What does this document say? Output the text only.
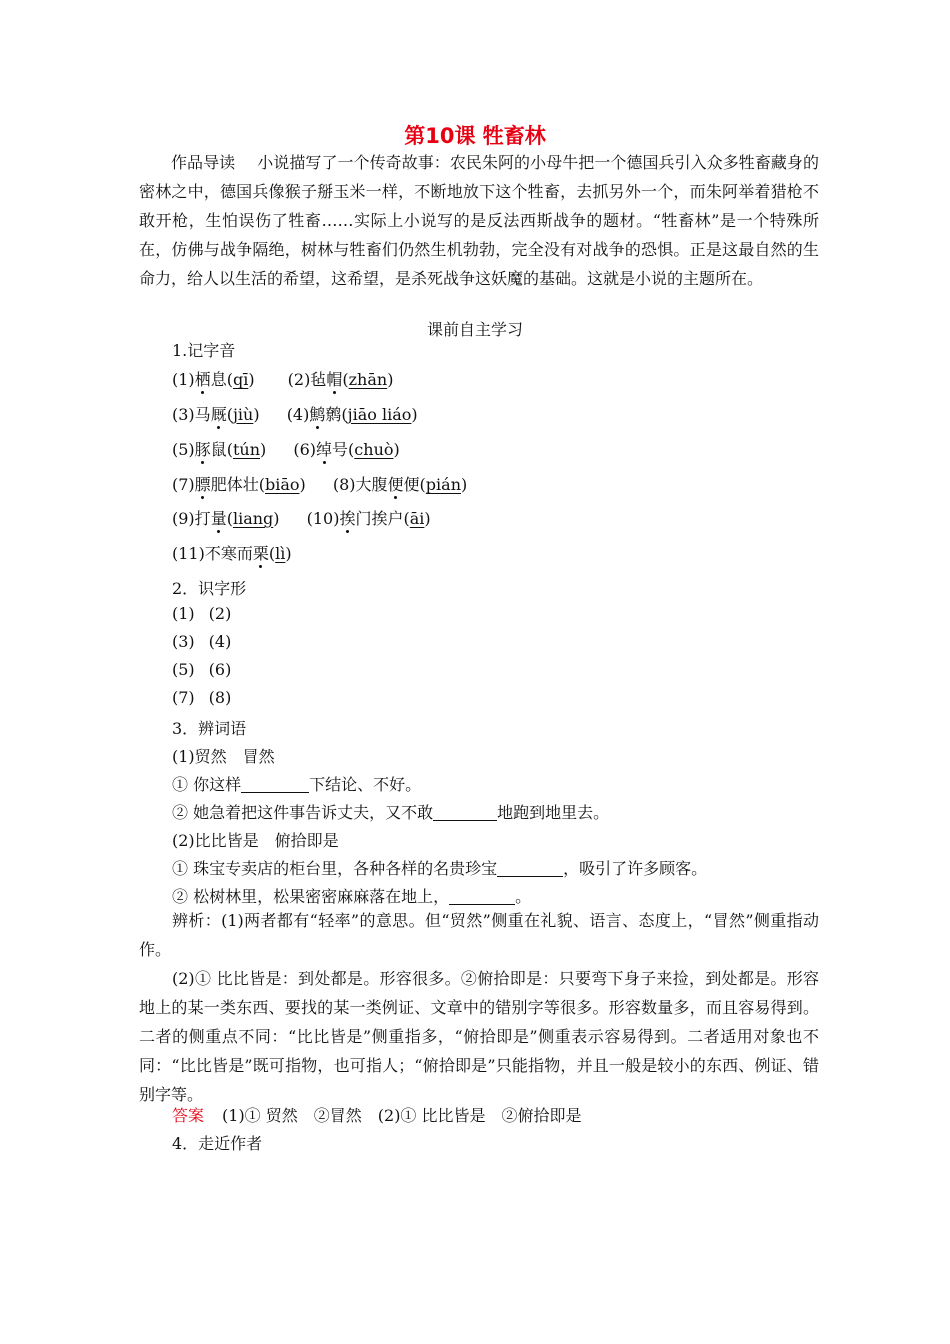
第10课 牲畜林
作品导读 小说描写了一个传奇故事：农民朱阿的小母牛把一个德国兵引入众多牲畜藏身的密林之中，德国兵像猴子掰玉米一样，不断地放下这个牲畜，去抓另外一个，而朱阿举着猎枪不敢开枪，生怕误伤了牲畜……实际上小说写的是反法西斯战争的题材。“牲畜林”是一个特殊所在，仿佛与战争隔绝，树林与牲畜们仍然生机勃勃，完全没有对战争的恐惧。正是这最自然的生命力，给人以生活的希望，这希望，是杀死战争这妖魔的基础。这就是小说的主题所在。
课前自主学习
1.记字音
(1)栖息(qī) (2)毡帽(zhān)
(3)马厩(jiù) (4)鹪鹩(jiāo liáo)
(5)豚鼠(tún) (6)绰号(chuò)
(7)膘肥体壮(biāo) (8)大腹便便(pián)
(9)打量(liang) (10)挨门挨户(āi)
(11)不寒而栗(lì)
2．识字形
(1) (2)
(3) (4)
(5) (6)
(7) (8)
3．辨词语
(1)贸然　冒然
① 你这样	下结论、不好。
② 她急着把这件事告诉丈夫，又不敢	地跑到地里去。
(2)比比皆是　俯拾即是
① 珠宝专卖店的柜台里，各种各样的名贵珍宝	，吸引了许多顾客。
② 松树林里，松果密密麻麻落在地上，	。
辨析：(1)两者都有“轻率”的意思。但“贸然”侧重在礼貌、语言、态度上，“冒然”侧重指动作。
(2)① 比比皆是：到处都是。形容很多。②俯拾即是：只要弯下身子来捡，到处都是。形容地上的某一类东西、要找的某一类例证、文章中的错别字等很多。形容数量多，而且容易得到。二者的侧重点不同：“比比皆是”侧重指多，“俯拾即是”侧重表示容易得到。二者适用对象也不同：“比比皆是”既可指物，也可指人；“俯拾即是”只能指物，并且一般是较小的东西、例证、错别字等。
答案 (1)① 贸然　②冒然　(2)① 比比皆是　②俯拾即是
4．走近作者
